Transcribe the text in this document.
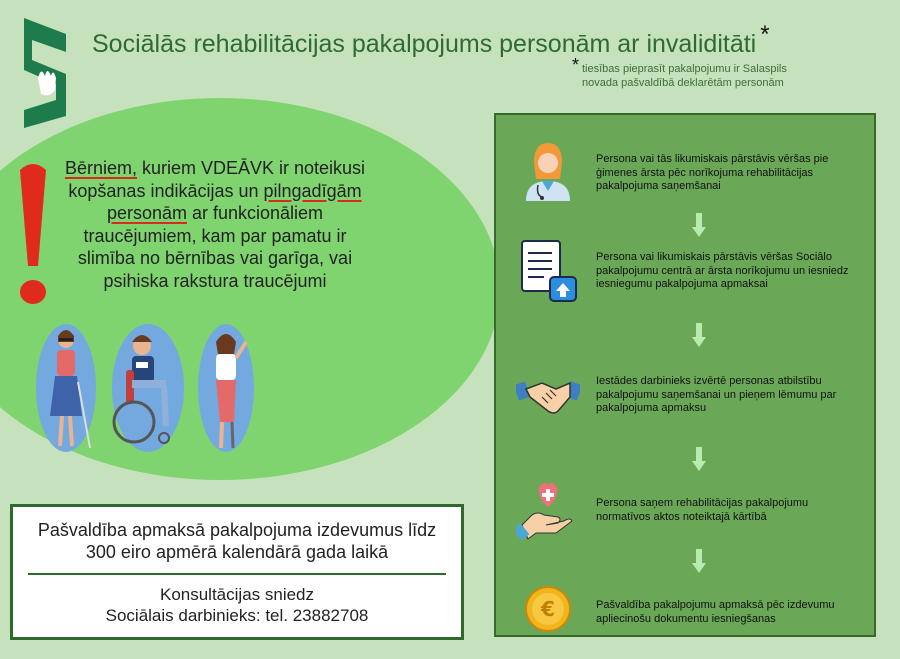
Sociālās rehabilitācijas pakalpojums personām ar invaliditāti *
* tiesības pieprasīt pakalpojumu ir Salaspils novada pašvaldībā deklarētām personām
Bērniem, kuriem VDEĀVK ir noteikusi kopšanas indikācijas un pilngadīgām personām ar funkcionāliem traucējumiem, kam par pamatu ir slimība no bērnības vai garīga, vai psihiska rakstura traucējumi
Pašvaldība apmaksā pakalpojuma izdevumus līdz 300 eiro apmērā kalendārā gada laikā
Konsultācijas sniedz
Sociālais darbinieks: tel. 23882708
Persona vai tās likumiskais pārstāvis vēršas pie ģimenes ārsta pēc norīkojuma rehabilitācijas pakalpojuma saņemšanai
Persona vai likumiskais pārstāvis vēršas Sociālo pakalpojumu centrā ar ārsta norīkojumu un iesniedz iesniegumu pakalpojuma apmaksai
Iestādes darbinieks izvērtē personas atbilstību pakalpojumu saņemšanai un pieņem lēmumu par pakalpojuma apmaksu
Persona saņem rehabilitācijas pakalpojumu normatīvos aktos noteiktajā kārtībā
€	Pašvaldība pakalpojumu apmaksā pēc izdevumu apliecinošu dokumentu iesniegšanas
